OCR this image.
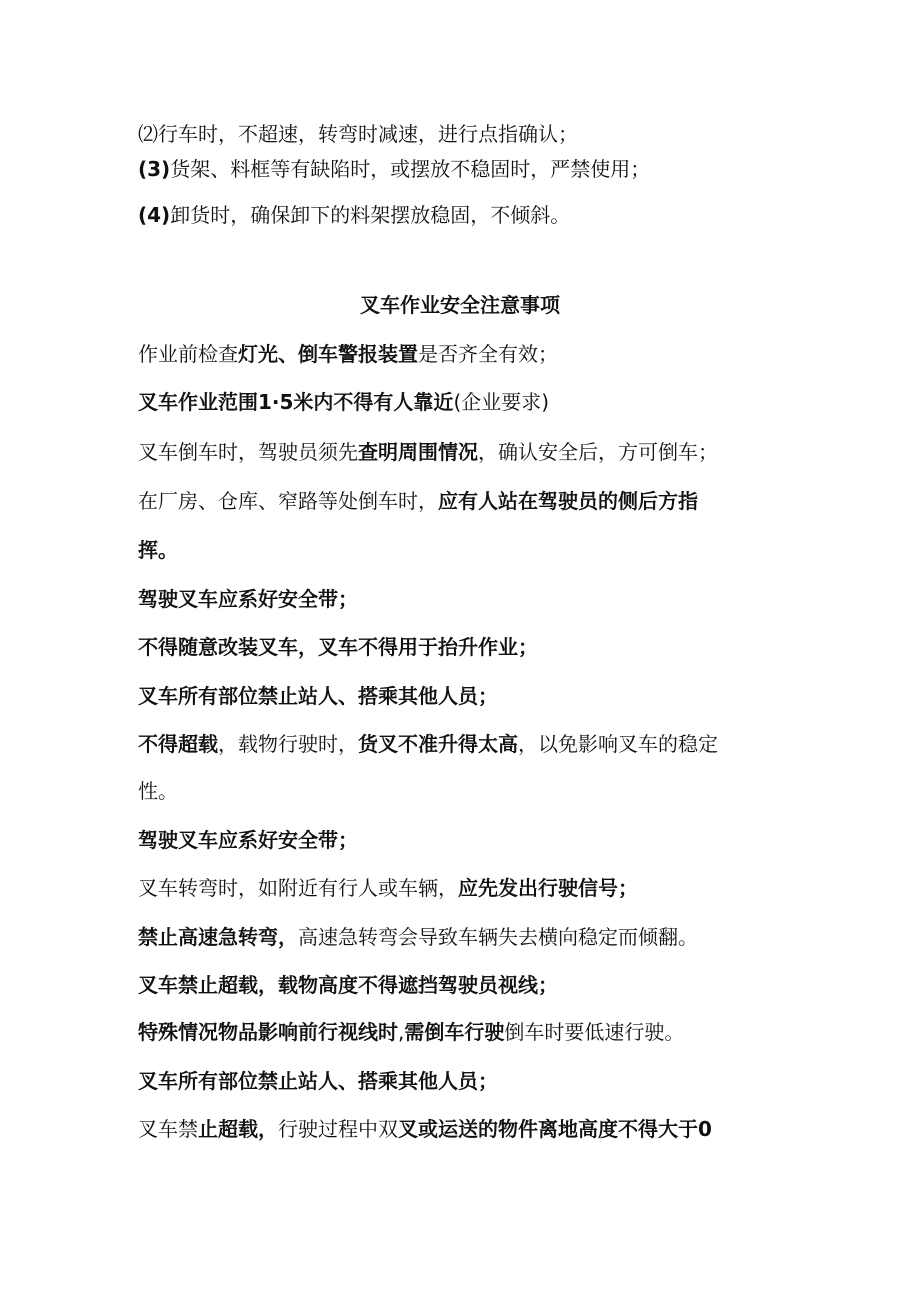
⑵行车时，不超速，转弯时减速，进行点指确认；
(3)货架、料框等有缺陷时，或摆放不稳固时，严禁使用；
(4)卸货时，确保卸下的料架摆放稳固，不倾斜。
叉车作业安全注意事项
作业前检查灯光、倒车警报装置是否齐全有效；
叉车作业范围1·5米内不得有人靠近(企业要求)
叉车倒车时，驾驶员须先查明周围情况，确认安全后，方可倒车；
在厂房、仓库、窄路等处倒车时，应有人站在驾驶员的侧后方指
挥。
驾驶叉车应系好安全带；
不得随意改装叉车，叉车不得用于抬升作业；
叉车所有部位禁止站人、搭乘其他人员；
不得超载，载物行驶时，货叉不准升得太高，以免影响叉车的稳定
性。
驾驶叉车应系好安全带；
叉车转弯时，如附近有行人或车辆，应先发出行驶信号；
禁止高速急转弯，高速急转弯会导致车辆失去横向稳定而倾翻。
叉车禁止超载，载物高度不得遮挡驾驶员视线；
特殊情况物品影响前行视线时,需倒车行驶倒车时要低速行驶。
叉车所有部位禁止站人、搭乘其他人员；
叉车禁止超载，行驶过程中双叉或运送的物件离地高度不得大于0
